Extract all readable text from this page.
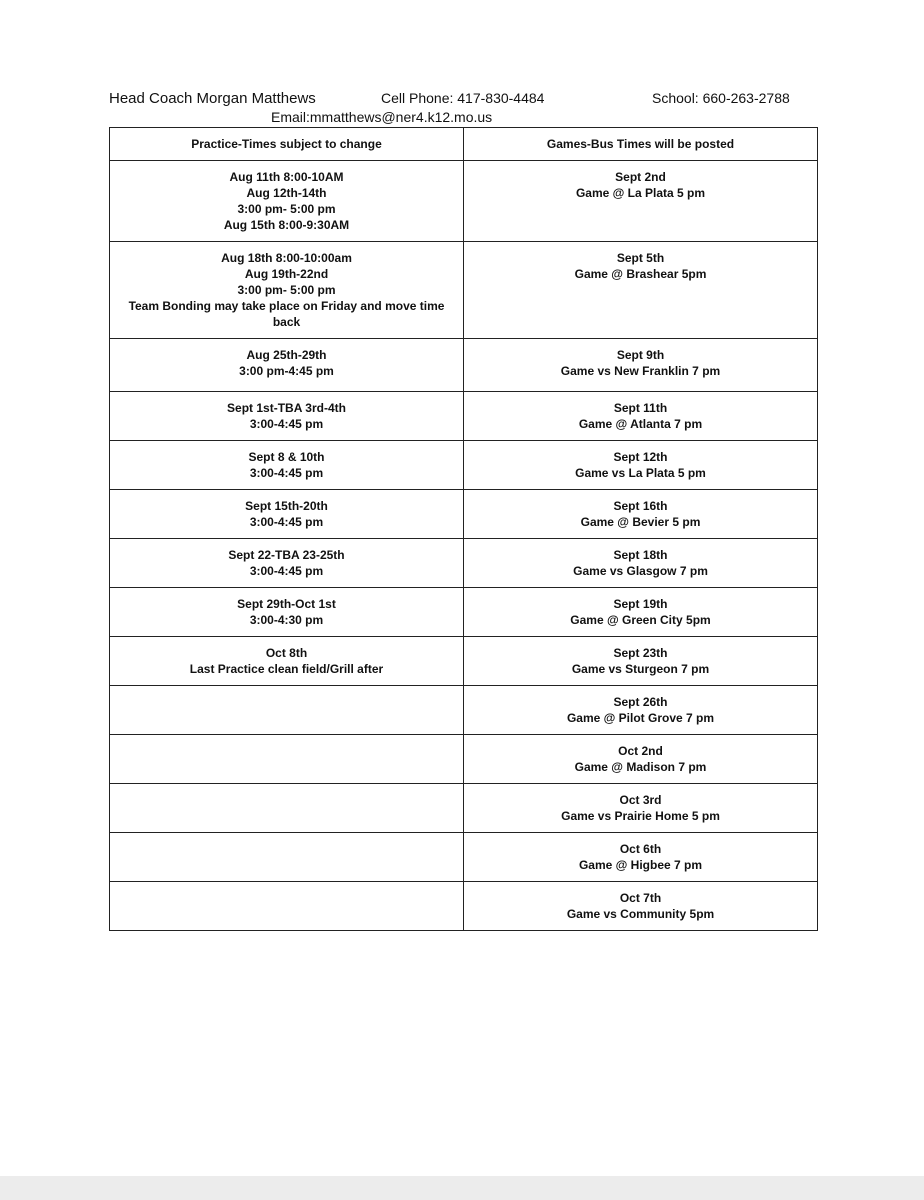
Head Coach Morgan Matthews	Cell Phone: 417-830-4484	School: 660-263-2788
Email:mmatthews@ner4.k12.mo.us
Practice-Times subject to change	Games-Bus Times will be posted

Aug 11th 8:00-10AM
Aug 12th-14th
3:00 pm- 5:00 pm
Aug 15th 8:00-9:30AM	Sept 2nd
Game @ La Plata 5 pm

Aug 18th 8:00-10:00am
Aug 19th-22nd
3:00 pm- 5:00 pm
Team Bonding may take place on Friday and move time back	Sept 5th
Game @ Brashear 5pm

Aug 25th-29th
3:00 pm-4:45 pm	Sept 9th
Game vs New Franklin 7 pm

Sept 1st-TBA 3rd-4th
3:00-4:45 pm	Sept 11th
Game @ Atlanta 7 pm

Sept 8 & 10th
3:00-4:45 pm	Sept 12th
Game vs La Plata 5 pm

Sept 15th-20th
3:00-4:45 pm	Sept 16th
Game @ Bevier 5 pm

Sept 22-TBA 23-25th
3:00-4:45 pm	Sept 18th
Game vs Glasgow 7 pm

Sept 29th-Oct 1st
3:00-4:30 pm	Sept 19th
Game @ Green City 5pm

Oct 8th
Last Practice clean field/Grill after	Sept 23th
Game vs Sturgeon 7 pm

	Sept 26th
Game @ Pilot Grove 7 pm

	Oct 2nd
Game @ Madison 7 pm

	Oct 3rd
Game vs Prairie Home 5 pm

	Oct 6th
Game @ Higbee 7 pm

	Oct 7th
Game vs Community 5pm
